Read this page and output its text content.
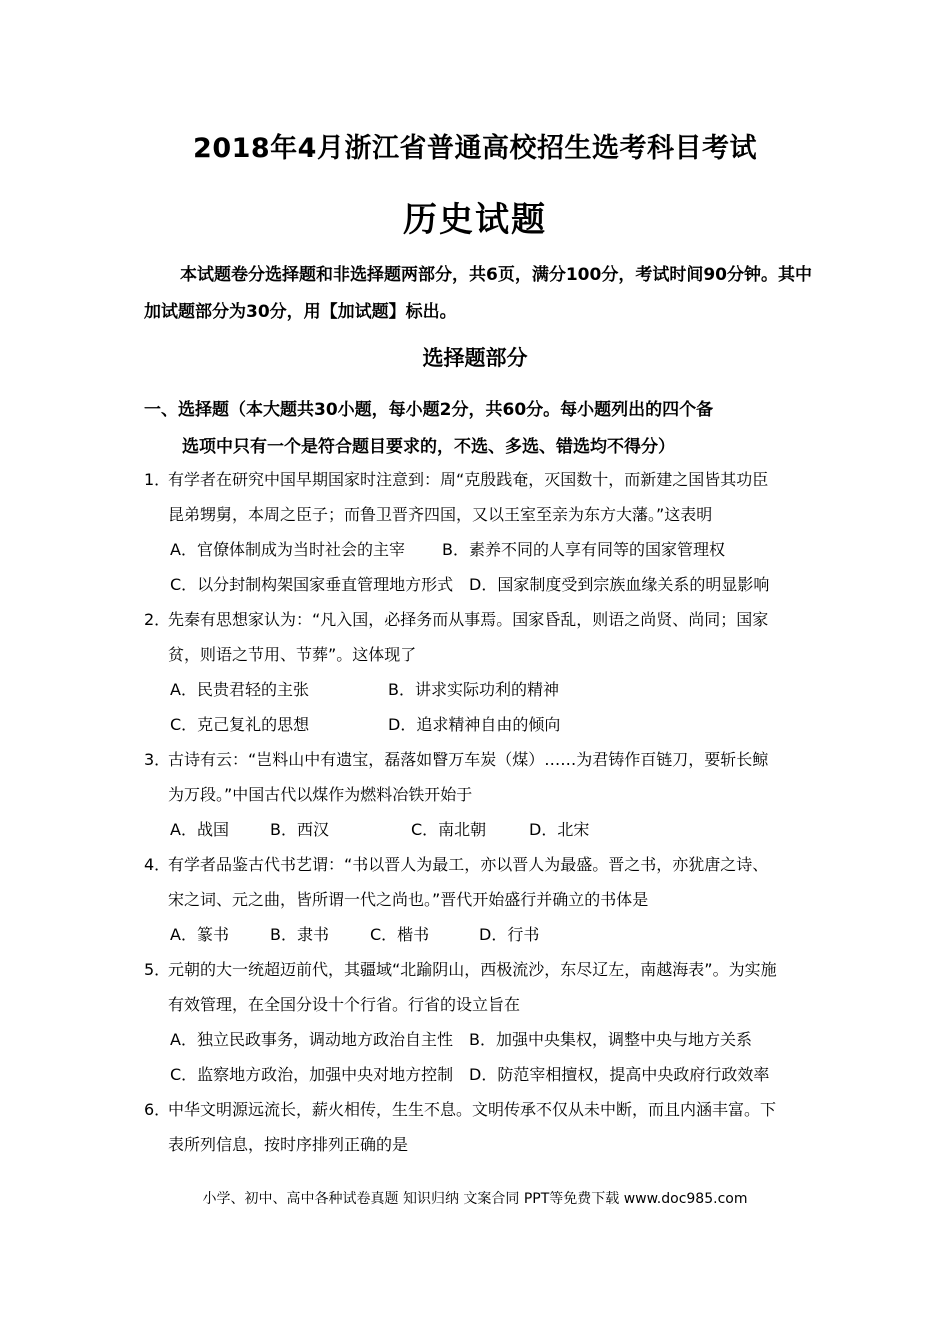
2018年4月浙江省普通高校招生选考科目考试
历史试题
本试题卷分选择题和非选择题两部分，共6页，满分100分，考试时间90分钟。其中加试题部分为30分，用【加试题】标出。
选择题部分
一、选择题（本大题共30小题，每小题2分，共60分。每小题列出的四个备
选项中只有一个是符合题目要求的，不选、多选、错选均不得分）
1．
有学者在研究中国早期国家时注意到：周“克殷践奄，灭国数十，而新建之国皆其功臣
昆弟甥舅，本周之臣子；而鲁卫晋齐四国，又以王室至亲为东方大藩。”这表明
A．官僚体制成为当时社会的主宰 B．素养不同的人享有同等的国家管理权
C．以分封制构架国家垂直管理地方形式 D．国家制度受到宗族血缘关系的明显影响
2．
先秦有思想家认为：“凡入国，必择务而从事焉。国家昏乱，则语之尚贤、尚同；国家
贫，则语之节用、节葬”。这体现了
A．民贵君轻的主张	B．讲求实际功利的精神
C．克己复礼的思想	D．追求精神自由的倾向
3．
古诗有云：“岂料山中有遗宝，磊落如瞖万车炭（煤）……为君铸作百链刀，要斩长鲸
为万段。”中国古代以煤作为燃料冶铁开始于
A．战国	B．西汉	C．南北朝	D．北宋
4．
有学者品鉴古代书艺谓：“书以晋人为最工，亦以晋人为最盛。晋之书，亦犹唐之诗、
宋之词、元之曲，皆所谓一代之尚也。”晋代开始盛行并确立的书体是
A．篆书	B．隶书	C．楷书	D．行书
5．
元朝的大一统超迈前代，其疆域“北踰阴山，西极流沙，东尽辽左，南越海表”。为实施
有效管理，在全国分设十个行省。行省的设立旨在
A．独立民政事务，调动地方政治自主性 B．加强中央集权，调整中央与地方关系
C．监察地方政治，加强中央对地方控制 D．防范宰相擅权，提高中央政府行政效率
6．
中华文明源远流长，薪火相传，生生不息。文明传承不仅从未中断，而且内涵丰富。下
表所列信息，按时序排列正确的是
小学、初中、高中各种试卷真题 知识归纳 文案合同 PPT等免费下载 www.doc985.com
